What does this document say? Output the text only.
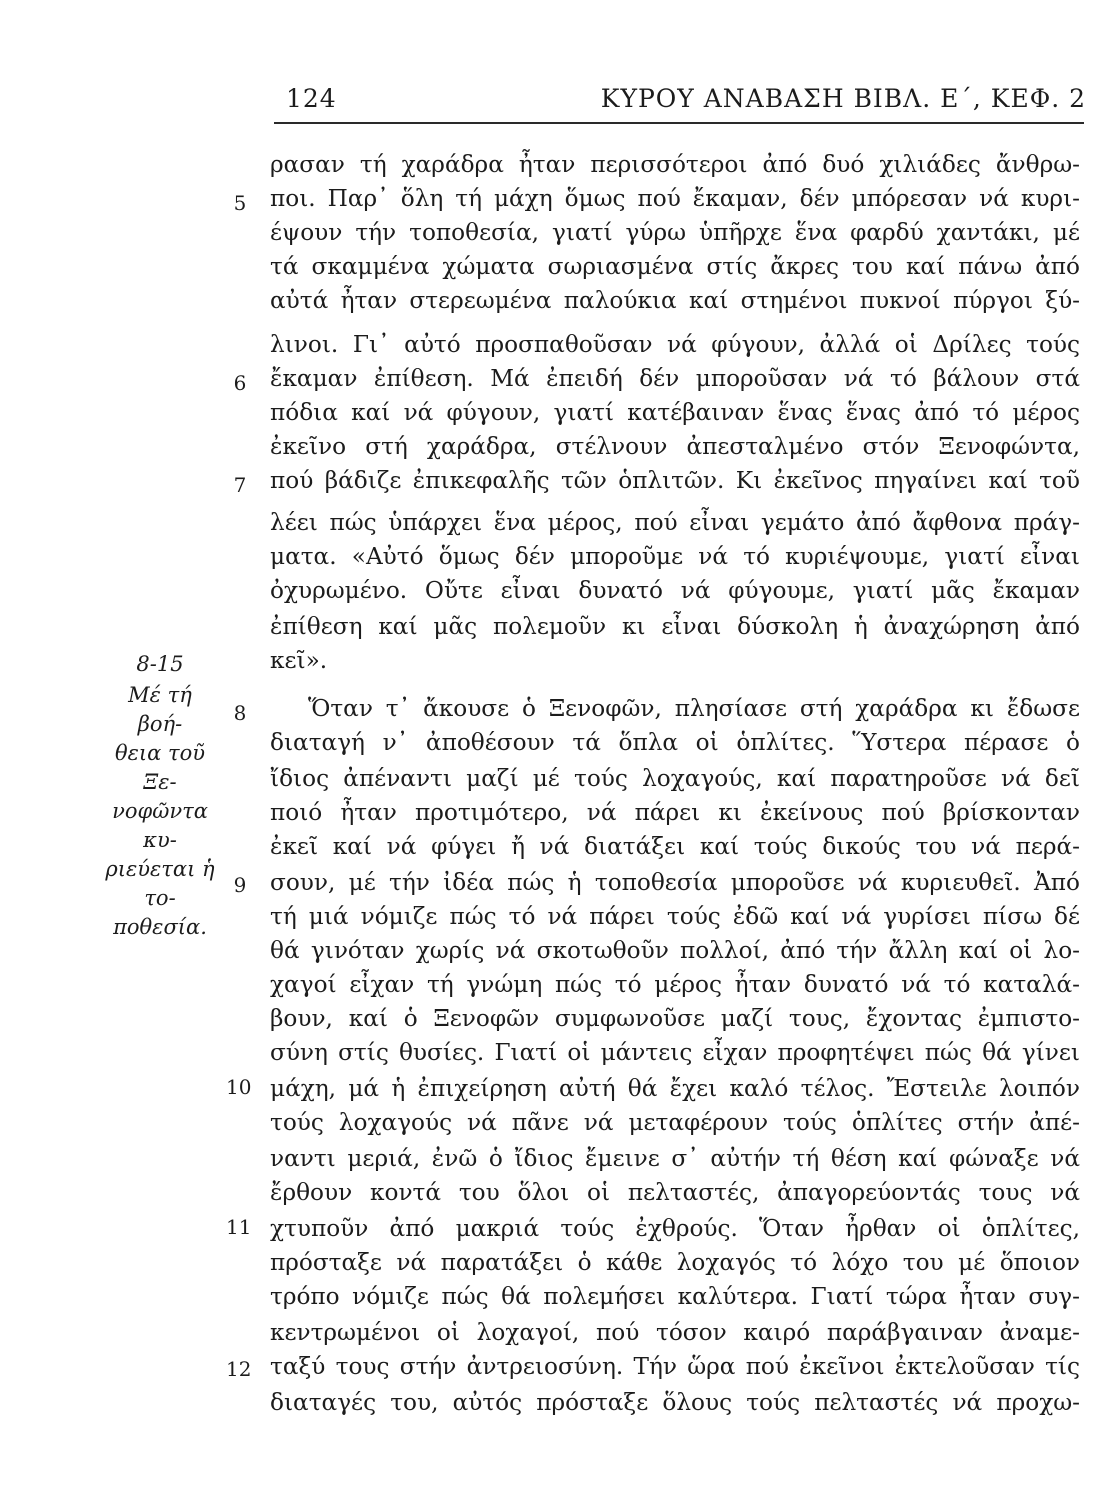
124	ΚΥΡΟΥ ΑΝΑΒΑΣΗ ΒΙΒΛ. Ε΄, ΚΕΦ. 2
5
6
7
8
9
10
11
12
8-15
Μέ τή βοή-
θεια τοῦ Ξε-
νοφῶντα κυ-
ριεύεται ἡ το-
ποθεσία.
ρασαν τή χαράδρα ἦταν περισσότεροι ἀπό δυό χιλιάδες ἄνθρω-
ποι. Παρ᾽ ὅλη τή μάχη ὅμως πού ἔκαμαν, δέν μπόρεσαν νά κυρι-
έψουν τήν τοποθεσία, γιατί γύρω ὑπῆρχε ἕνα φαρδύ χαντάκι, μέ
τά σκαμμένα χώματα σωριασμένα στίς ἄκρες του καί πάνω ἀπό
αὐτά ἦταν στερεωμένα παλούκια καί στημένοι πυκνοί πύργοι ξύ-
λινοι. Γι᾽ αὐτό προσπαθοῦσαν νά φύγουν, ἀλλά οἱ Δρίλες τούς
ἔκαμαν ἐπίθεση. Μά ἐπειδή δέν μποροῦσαν νά τό βάλουν στά
πόδια καί νά φύγουν, γιατί κατέβαιναν ἕνας ἕνας ἀπό τό μέρος
ἐκεῖνο στή χαράδρα, στέλνουν ἀπεσταλμένο στόν Ξενοφώντα,
πού βάδιζε ἐπικεφαλῆς τῶν ὁπλιτῶν. Κι ἐκεῖνος πηγαίνει καί τοῦ
λέει πώς ὑπάρχει ἕνα μέρος, πού εἶναι γεμάτο ἀπό ἄφθονα πράγ-
ματα. «Αὐτό ὅμως δέν μποροῦμε νά τό κυριέψουμε, γιατί εἶναι
ὀχυρωμένο. Οὔτε εἶναι δυνατό νά φύγουμε, γιατί μᾶς ἔκαμαν
ἐπίθεση καί μᾶς πολεμοῦν κι εἶναι δύσκολη ἡ ἀναχώρηση ἀπό
κεῖ».
Ὅταν τ᾽ ἄκουσε ὁ Ξενοφῶν, πλησίασε στή χαράδρα κι ἔδωσε
διαταγή ν᾽ ἀποθέσουν τά ὅπλα οἱ ὁπλίτες. Ὕστερα πέρασε ὁ
ἴδιος ἀπέναντι μαζί μέ τούς λοχαγούς, καί παρατηροῦσε νά δεῖ
ποιό ἦταν προτιμότερο, νά πάρει κι ἐκείνους πού βρίσκονταν
ἐκεῖ καί νά φύγει ἤ νά διατάξει καί τούς δικούς του νά περά-
σουν, μέ τήν ἰδέα πώς ἡ τοποθεσία μποροῦσε νά κυριευθεῖ. Ἀπό
τή μιά νόμιζε πώς τό νά πάρει τούς ἐδῶ καί νά γυρίσει πίσω δέ
θά γινόταν χωρίς νά σκοτωθοῦν πολλοί, ἀπό τήν ἄλλη καί οἱ λο-
χαγοί εἶχαν τή γνώμη πώς τό μέρος ἦταν δυνατό νά τό καταλά-
βουν, καί ὁ Ξενοφῶν συμφωνοῦσε μαζί τους, ἔχοντας ἐμπιστο-
σύνη στίς θυσίες. Γιατί οἱ μάντεις εἶχαν προφητέψει πώς θά γίνει
μάχη, μά ἡ ἐπιχείρηση αὐτή θά ἔχει καλό τέλος. Ἔστειλε λοιπόν
τούς λοχαγούς νά πᾶνε νά μεταφέρουν τούς ὁπλίτες στήν ἀπέ-
ναντι μεριά, ἐνῶ ὁ ἴδιος ἔμεινε σ᾽ αὐτήν τή θέση καί φώναξε νά
ἔρθουν κοντά του ὅλοι οἱ πελταστές, ἀπαγορεύοντάς τους νά
χτυποῦν ἀπό μακριά τούς ἐχθρούς. Ὅταν ἦρθαν οἱ ὁπλίτες,
πρόσταξε νά παρατάξει ὁ κάθε λοχαγός τό λόχο του μέ ὅποιον
τρόπο νόμιζε πώς θά πολεμήσει καλύτερα. Γιατί τώρα ἦταν συγ-
κεντρωμένοι οἱ λοχαγοί, πού τόσον καιρό παράβγαιναν ἀναμε-
ταξύ τους στήν ἀντρειοσύνη. Τήν ὥρα πού ἐκεῖνοι ἐκτελοῦσαν τίς
διαταγές του, αὐτός πρόσταξε ὅλους τούς πελταστές νά προχω-
